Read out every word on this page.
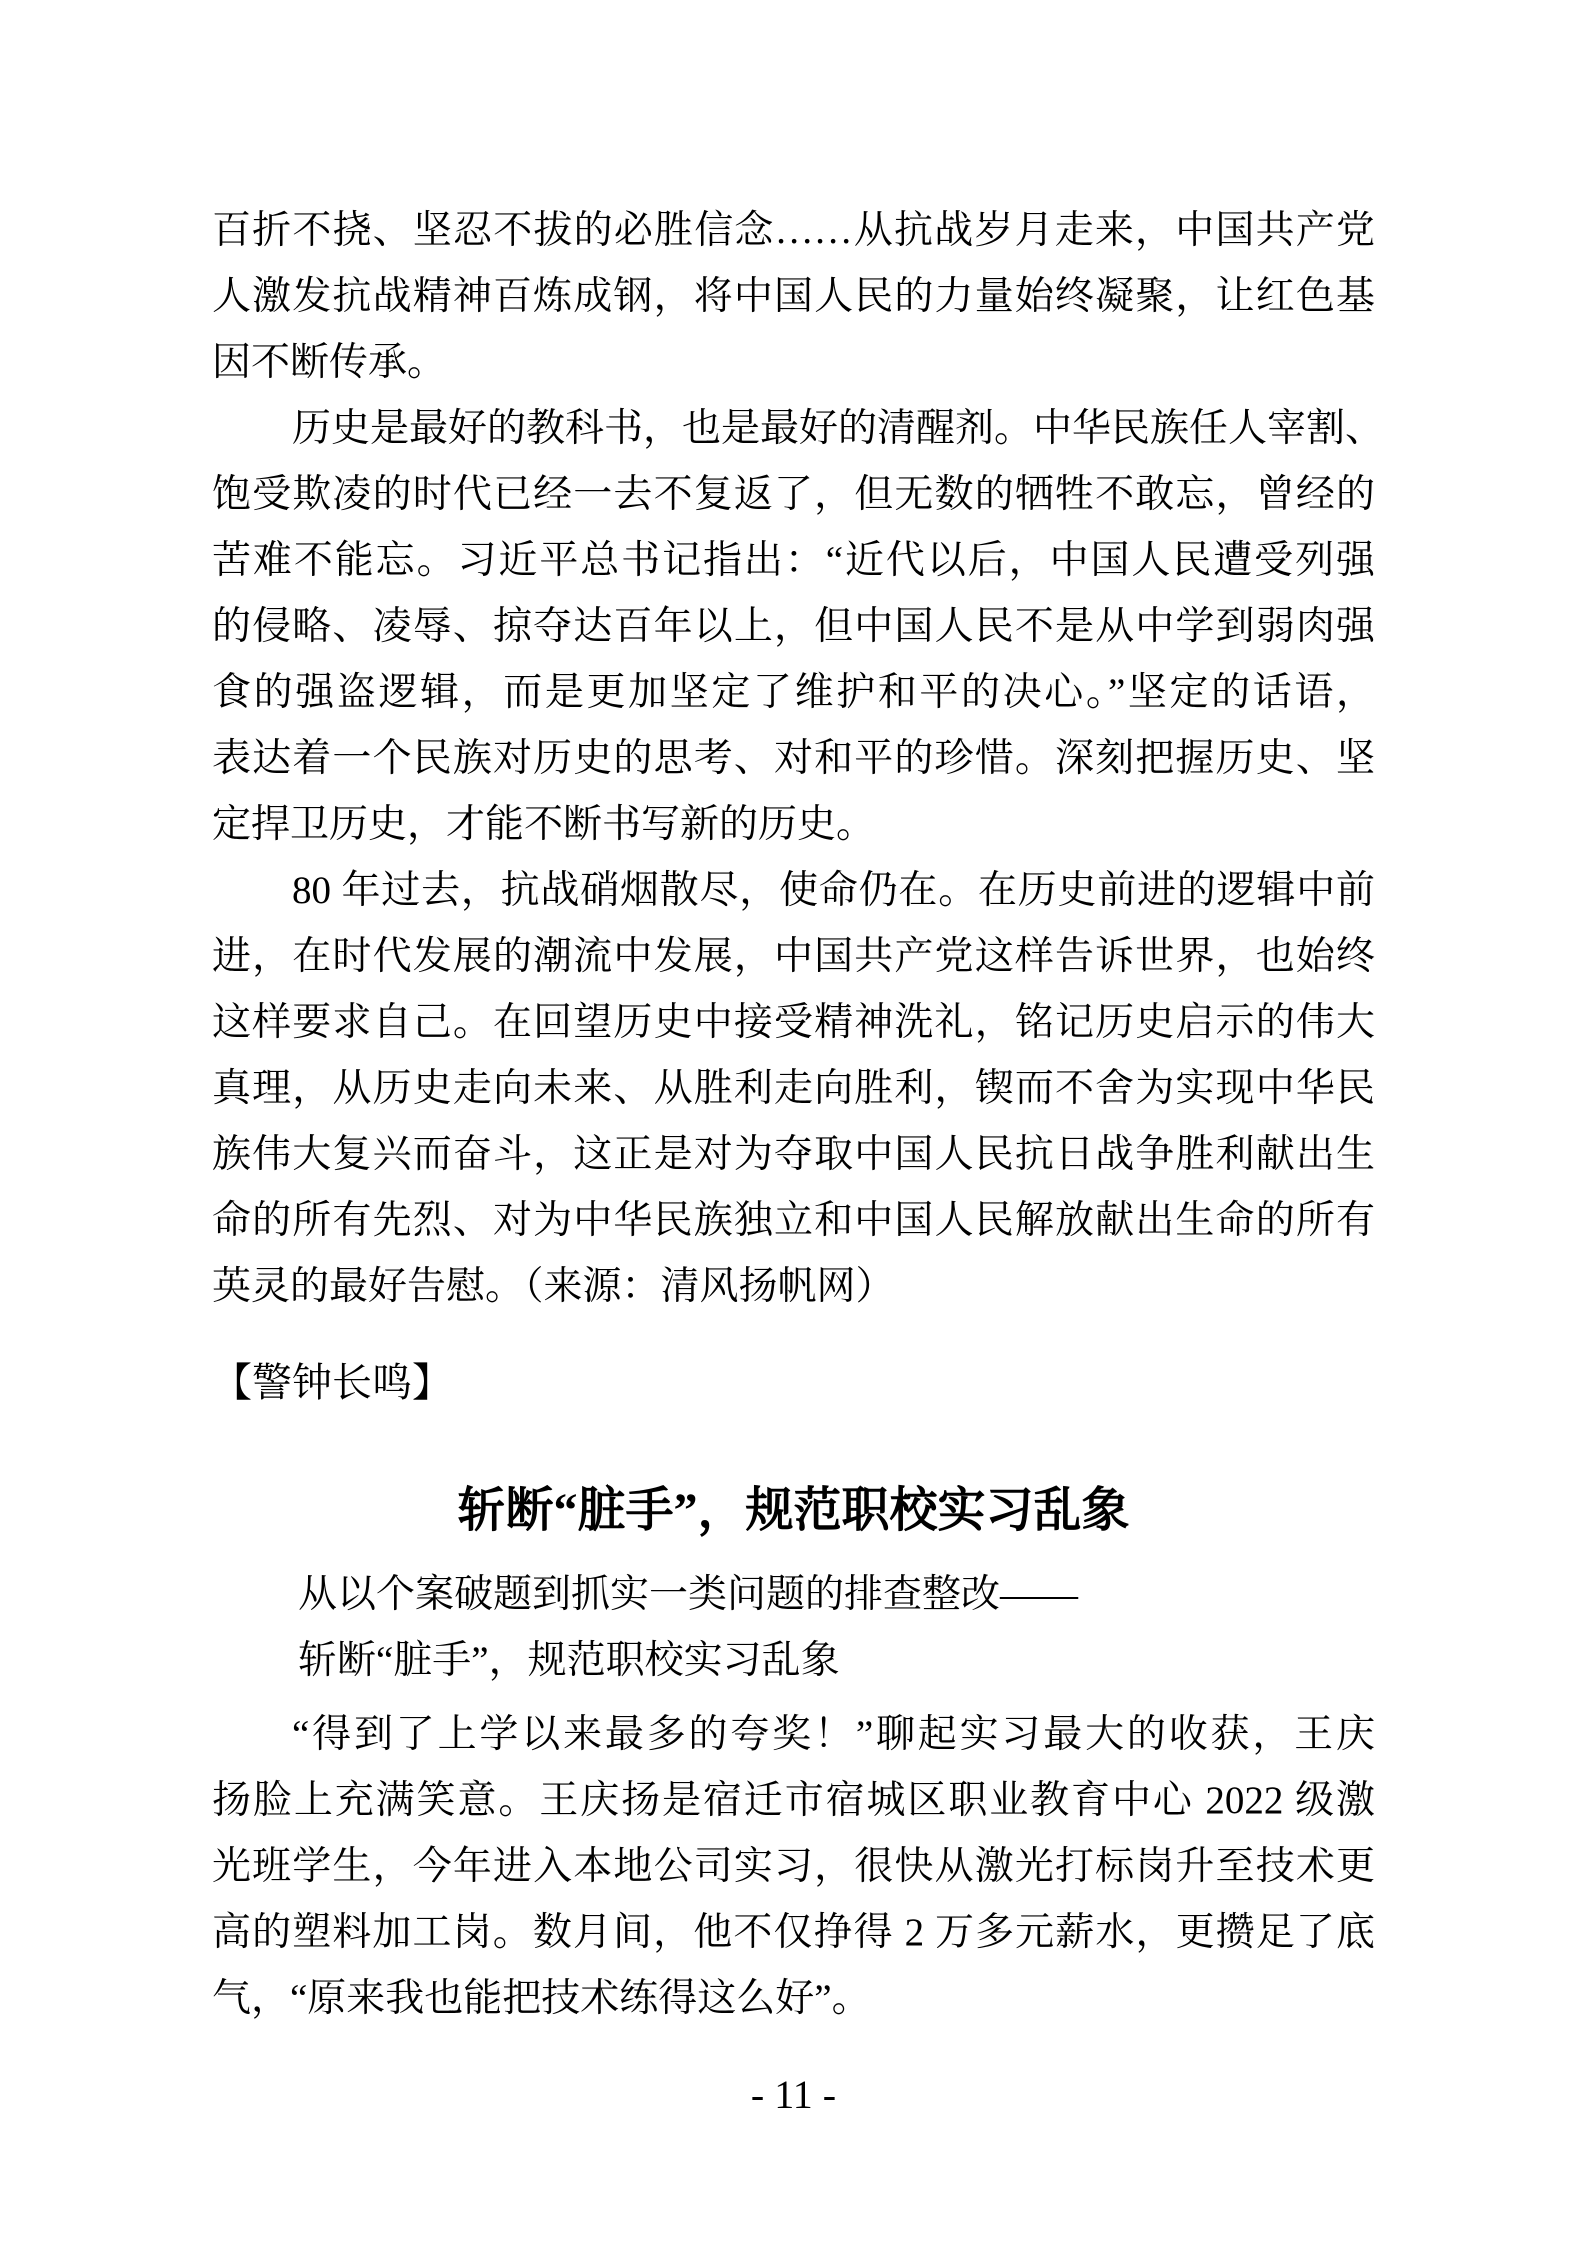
百折不挠、坚忍不拔的必胜信念……从抗战岁月走来，中国共产党
人激发抗战精神百炼成钢，将中国人民的力量始终凝聚，让红色基
因不断传承。
历史是最好的教科书，也是最好的清醒剂。中华民族任人宰割、
饱受欺凌的时代已经一去不复返了，但无数的牺牲不敢忘，曾经的
苦难不能忘。习近平总书记指出：“近代以后，中国人民遭受列强
的侵略、凌辱、掠夺达百年以上，但中国人民不是从中学到弱肉强
食的强盗逻辑，而是更加坚定了维护和平的决心。”坚定的话语，
表达着一个民族对历史的思考、对和平的珍惜。深刻把握历史、坚
定捍卫历史，才能不断书写新的历史。
80 年过去，抗战硝烟散尽，使命仍在。在历史前进的逻辑中前
进，在时代发展的潮流中发展，中国共产党这样告诉世界，也始终
这样要求自己。在回望历史中接受精神洗礼，铭记历史启示的伟大
真理，从历史走向未来、从胜利走向胜利，锲而不舍为实现中华民
族伟大复兴而奋斗，这正是对为夺取中国人民抗日战争胜利献出生
命的所有先烈、对为中华民族独立和中国人民解放献出生命的所有
英灵的最好告慰。（来源：清风扬帆网）
【警钟长鸣】
斩断“脏手”，规范职校实习乱象
从以个案破题到抓实一类问题的排查整改——
斩断“脏手”，规范职校实习乱象
“得到了上学以来最多的夸奖！”聊起实习最大的收获，王庆
扬脸上充满笑意。王庆扬是宿迁市宿城区职业教育中心 2022 级激
光班学生，今年进入本地公司实习，很快从激光打标岗升至技术更
高的塑料加工岗。数月间，他不仅挣得 2 万多元薪水，更攒足了底
气，“原来我也能把技术练得这么好”。
- 11 -
